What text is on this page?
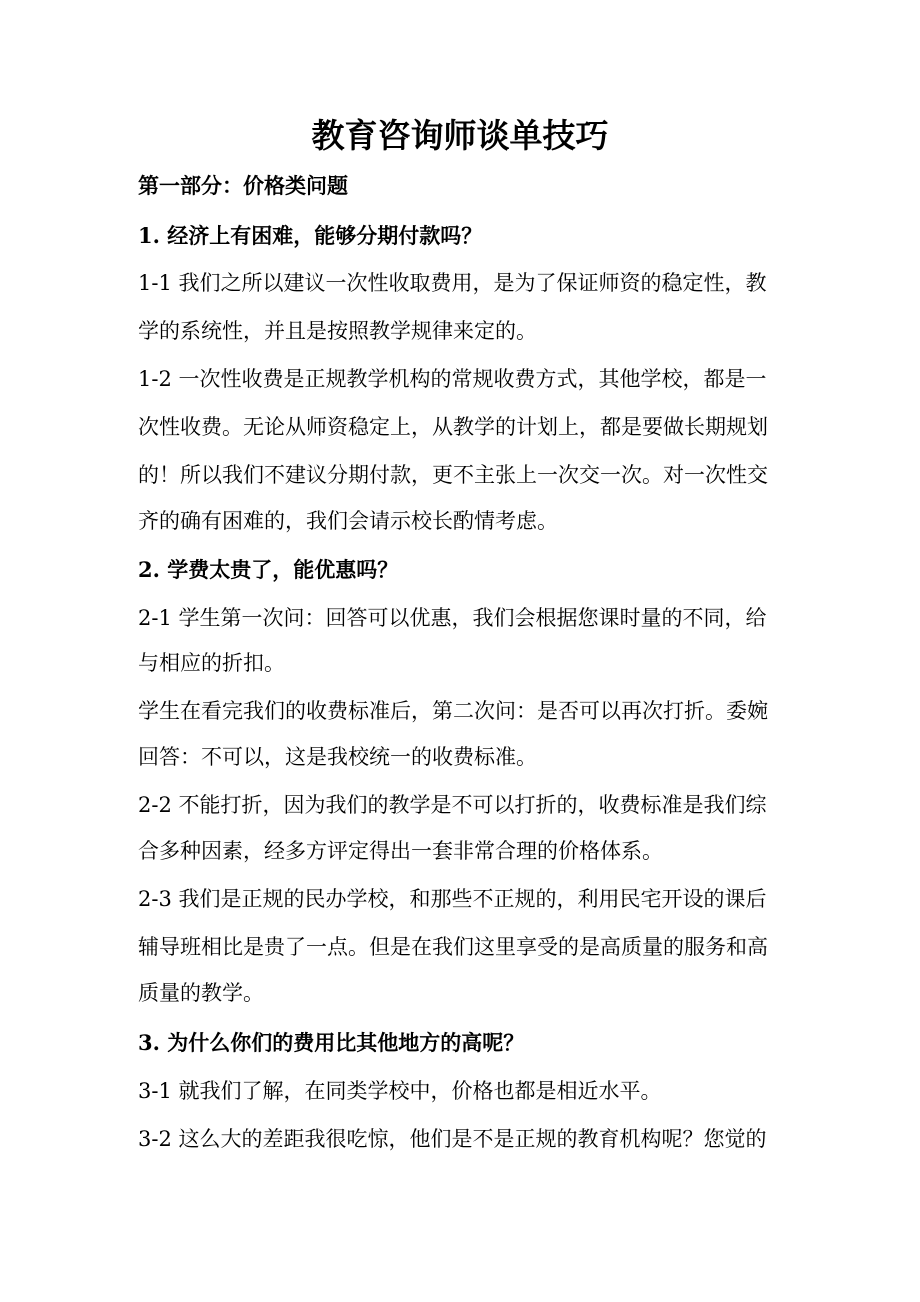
教育咨询师谈单技巧
第一部分：价格类问题
1. 经济上有困难，能够分期付款吗？
1-1 我们之所以建议一次性收取费用，是为了保证师资的稳定性，教
学的系统性，并且是按照教学规律来定的。
1-2 一次性收费是正规教学机构的常规收费方式，其他学校，都是一
次性收费。无论从师资稳定上，从教学的计划上，都是要做长期规划
的！所以我们不建议分期付款，更不主张上一次交一次。对一次性交
齐的确有困难的，我们会请示校长酌情考虑。
2. 学费太贵了，能优惠吗？
2-1 学生第一次问：回答可以优惠，我们会根据您课时量的不同，给
与相应的折扣。
学生在看完我们的收费标准后，第二次问：是否可以再次打折。委婉
回答：不可以，这是我校统一的收费标准。
2-2 不能打折，因为我们的教学是不可以打折的，收费标准是我们综
合多种因素，经多方评定得出一套非常合理的价格体系。
2-3 我们是正规的民办学校，和那些不正规的，利用民宅开设的课后
辅导班相比是贵了一点。但是在我们这里享受的是高质量的服务和高
质量的教学。
3. 为什么你们的费用比其他地方的高呢？
3-1 就我们了解，在同类学校中，价格也都是相近水平。
3-2 这么大的差距我很吃惊，他们是不是正规的教育机构呢？您觉的
